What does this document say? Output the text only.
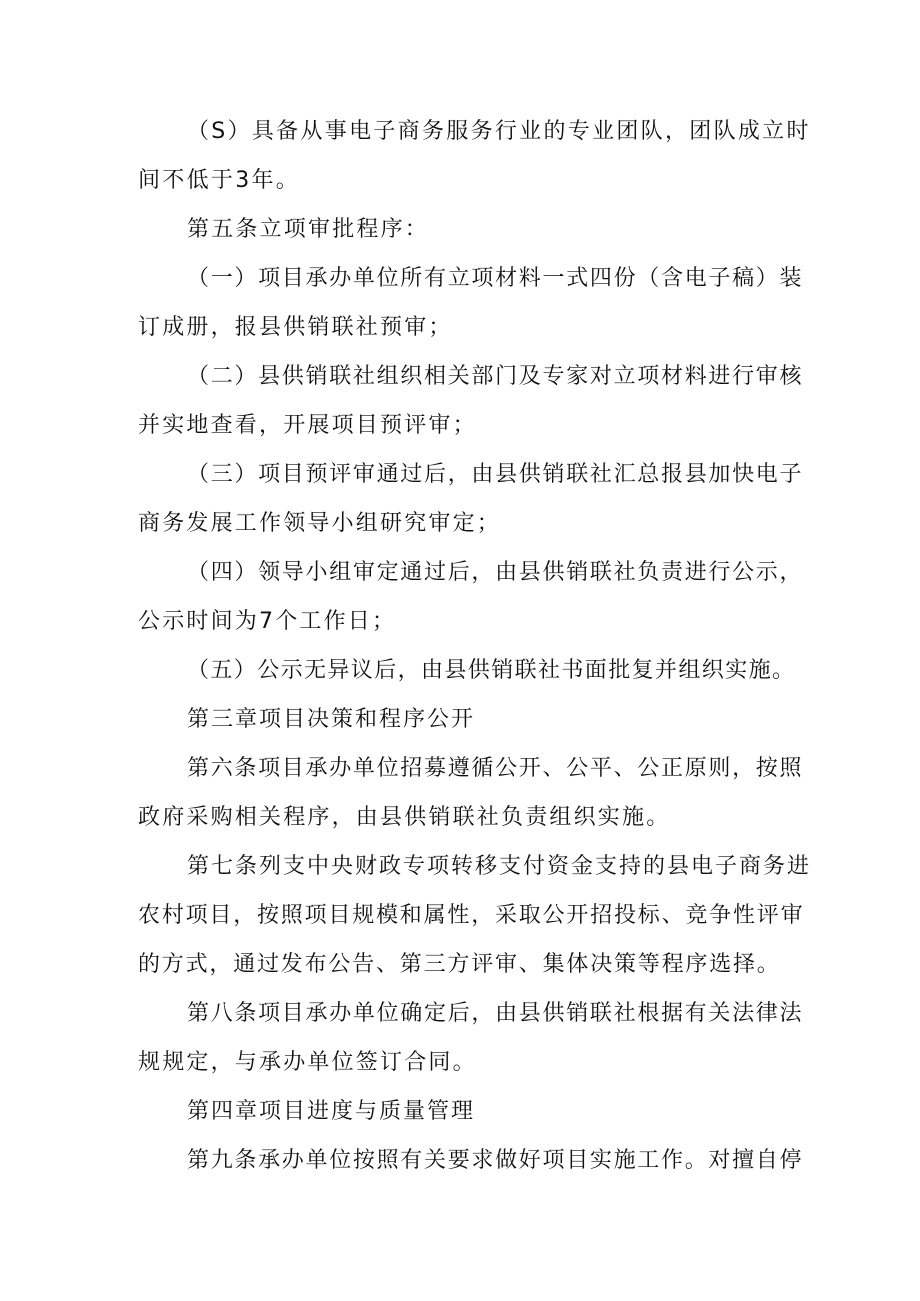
（S）具备从事电子商务服务行业的专业团队，团队成立时

间不低于3年。

第五条立项审批程序：

（一）项目承办单位所有立项材料一式四份（含电子稿）装

订成册，报县供销联社预审；

（二）县供销联社组织相关部门及专家对立项材料进行审核

并实地查看，开展项目预评审；

（三）项目预评审通过后，由县供销联社汇总报县加快电子

商务发展工作领导小组研究审定；

（四）领导小组审定通过后，由县供销联社负责进行公示，

公示时间为7个工作日；

（五）公示无异议后，由县供销联社书面批复并组织实施。

第三章项目决策和程序公开

第六条项目承办单位招募遵循公开、公平、公正原则，按照

政府采购相关程序，由县供销联社负责组织实施。

第七条列支中央财政专项转移支付资金支持的县电子商务进

农村项目，按照项目规模和属性，采取公开招投标、竞争性评审

的方式，通过发布公告、第三方评审、集体决策等程序选择。

第八条项目承办单位确定后，由县供销联社根据有关法律法

规规定，与承办单位签订合同。

第四章项目进度与质量管理

第九条承办单位按照有关要求做好项目实施工作。对擅自停
